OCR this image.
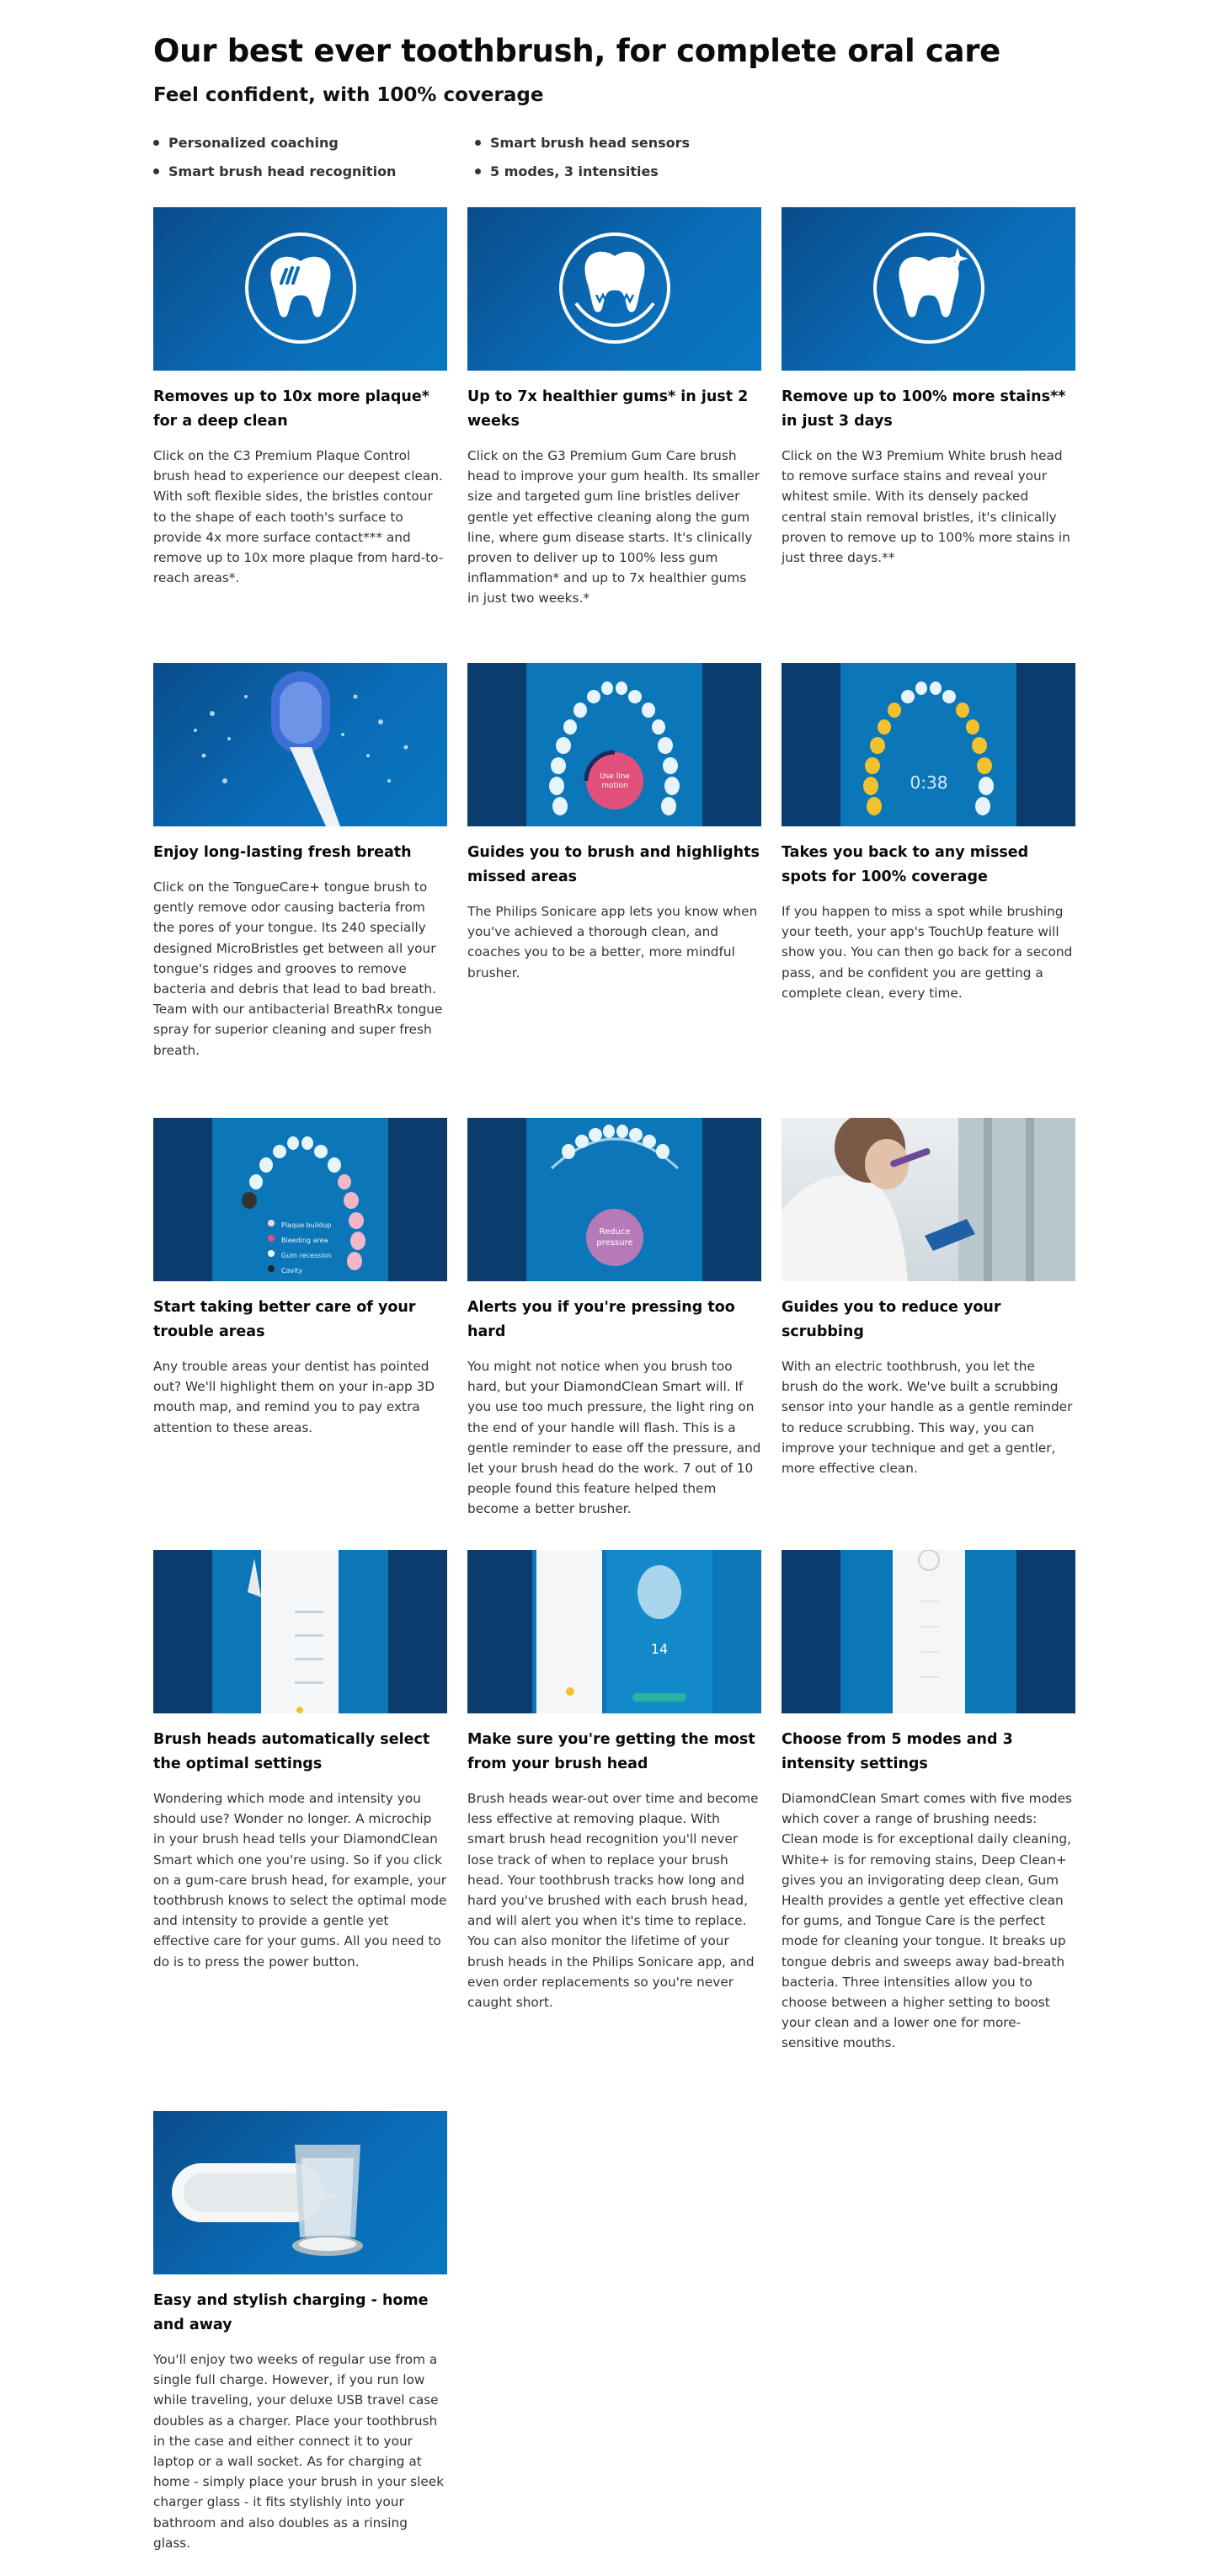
Our best ever toothbrush, for complete oral care
Feel confident, with 100% coverage
Personalized coaching	Smart brush head sensors
Smart brush head recognition	5 modes, 3 intensities
Removes up to 10x more plaque* for a deep clean
Click on the C3 Premium Plaque Control brush head to experience our deepest clean. With soft flexible sides, the bristles contour to the shape of each tooth's surface to provide 4x more surface contact*** and remove up to 10x more plaque from hard-to-reach areas*.
Up to 7x healthier gums* in just 2 weeks
Click on the G3 Premium Gum Care brush head to improve your gum health. Its smaller size and targeted gum line bristles deliver gentle yet effective cleaning along the gum line, where gum disease starts. It's clinically proven to deliver up to 100% less gum inflammation* and up to 7x healthier gums in just two weeks.*
Remove up to 100% more stains** in just 3 days
Click on the W3 Premium White brush head to remove surface stains and reveal your whitest smile. With its densely packed central stain removal bristles, it's clinically proven to remove up to 100% more stains in just three days.**
Enjoy long-lasting fresh breath
Click on the TongueCare+ tongue brush to gently remove odor causing bacteria from the pores of your tongue. Its 240 specially designed MicroBristles get between all your tongue's ridges and grooves to remove bacteria and debris that lead to bad breath. Team with our antibacterial BreathRx tongue spray for superior cleaning and super fresh breath.
Use line motion
Guides you to brush and highlights missed areas
The Philips Sonicare app lets you know when you've achieved a thorough clean, and coaches you to be a better, more mindful brusher.
0:38
Takes you back to any missed spots for 100% coverage
If you happen to miss a spot while brushing your teeth, your app's TouchUp feature will show you. You can then go back for a second pass, and be confident you are getting a complete clean, every time.
Plaque buildup
Bleeding area
Gum recession
Cavity
Start taking better care of your trouble areas
Any trouble areas your dentist has pointed out? We'll highlight them on your in-app 3D mouth map, and remind you to pay extra attention to these areas.
Reduce pressure
Alerts you if you're pressing too hard
You might not notice when you brush too hard, but your DiamondClean Smart will. If you use too much pressure, the light ring on the end of your handle will flash. This is a gentle reminder to ease off the pressure, and let your brush head do the work. 7 out of 10 people found this feature helped them become a better brusher.
Guides you to reduce your scrubbing
With an electric toothbrush, you let the brush do the work. We've built a scrubbing sensor into your handle as a gentle reminder to reduce scrubbing. This way, you can improve your technique and get a gentler, more effective clean.
Brush heads automatically select the optimal settings
Wondering which mode and intensity you should use? Wonder no longer. A microchip in your brush head tells your DiamondClean Smart which one you're using. So if you click on a gum-care brush head, for example, your toothbrush knows to select the optimal mode and intensity to provide a gentle yet effective care for your gums. All you need to do is to press the power button.
14
Make sure you're getting the most from your brush head
Brush heads wear-out over time and become less effective at removing plaque. With smart brush head recognition you'll never lose track of when to replace your brush head. Your toothbrush tracks how long and hard you've brushed with each brush head, and will alert you when it's time to replace. You can also monitor the lifetime of your brush heads in the Philips Sonicare app, and even order replacements so you're never caught short.
Choose from 5 modes and 3 intensity settings
DiamondClean Smart comes with five modes which cover a range of brushing needs: Clean mode is for exceptional daily cleaning, White+ is for removing stains, Deep Clean+ gives you an invigorating deep clean, Gum Health provides a gentle yet effective clean for gums, and Tongue Care is the perfect mode for cleaning your tongue. It breaks up tongue debris and sweeps away bad-breath bacteria. Three intensities allow you to choose between a higher setting to boost your clean and a lower one for more-sensitive mouths.
Easy and stylish charging - home and away
You'll enjoy two weeks of regular use from a single full charge. However, if you run low while traveling, your deluxe USB travel case doubles as a charger. Place your toothbrush in the case and either connect it to your laptop or a wall socket. As for charging at home - simply place your brush in your sleek charger glass - it fits stylishly into your bathroom and also doubles as a rinsing glass.
